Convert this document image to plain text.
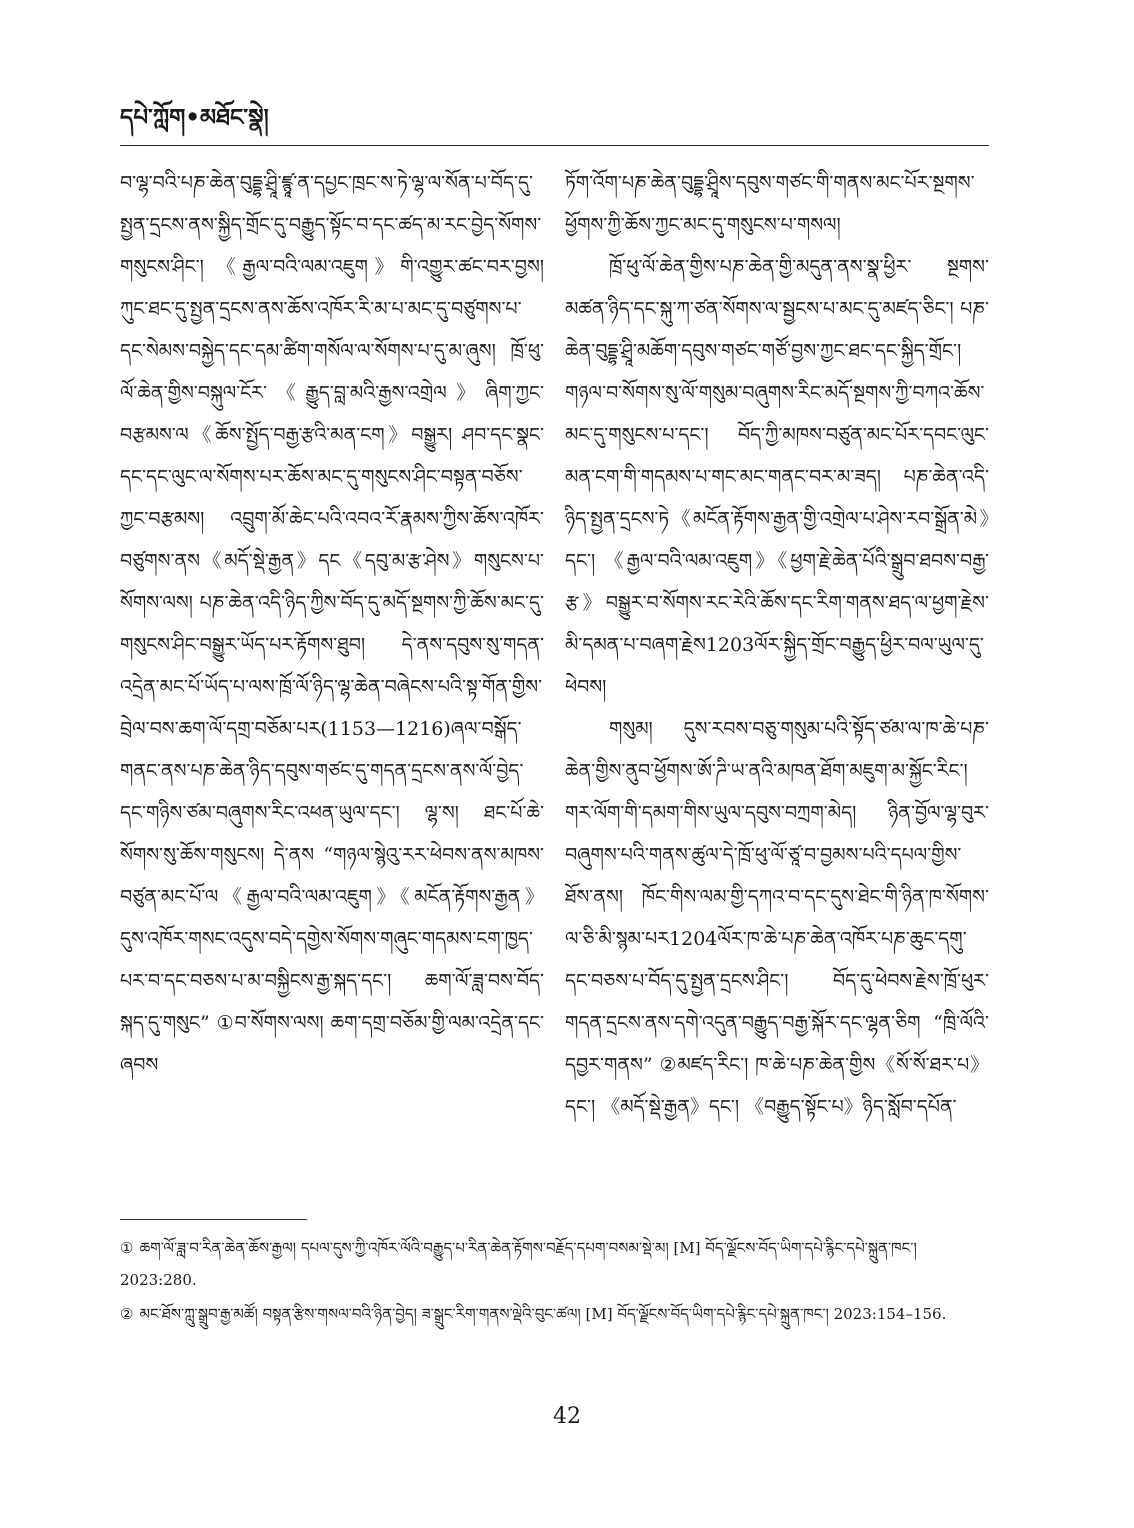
དཔེ་ཀློག•མཐོང་སྣེ།

བ་ལྷ་བའི་པཎ་ཆེན་བུདྡྷ་ཤྲཱི་ཛྙཱ་ན་དཔྱང་ཁྲང་ས་ཏེ་ལྷ་ལ་སོན་པ་བོད་དུ་སྤྱན་དྲངས་ནས་སྐྱིད་གྲོང་དུ་བརྒྱུད་སྟོང་བ་དང་ཚད་མ་རང་བྱེད་སོགས་གསུངས་ཤིང་། 《རྒྱལ་བའི་ལམ་འཇུག》གི་འགྱུར་ཚང་བར་བྱས། ཀུང་ཐང་དུ་སྤྱན་དྲངས་ནས་ཆོས་འཁོར་རི་མ་པ་མང་དུ་བཙུགས་པ་དང་སེམས་བསྐྱེད་དང་དམ་ཚིག་གསོལ་ལ་སོགས་པ་དུ་མ་ཞུས། ཁྲོ་ཕུ་ལོ་ཆེན་གྱིས་བསྐུལ་ངོར་《རྒྱུད་བླ་མའི་རྒྱས་འགྲེལ》ཞིག་ཀྱང་བརྩམས་ལ《ཆོས་སྤྱོད་བརྒྱ་རྩའི་མན་ངག》བསྒྱུར། ཤབ་དང་སྣང་དང་དང་ལུང་ལ་སོགས་པར་ཆོས་མང་དུ་གསུངས་ཤིང་བསྟན་བཅོས་ཀྱང་བརྩམས། འབྲུག་མོ་ཆེང་པའི་འབའ་རོ་རྣམས་ཀྱིས་ཆོས་འཁོར་བཙུགས་ནས《མདོ་སྡེ་རྒྱན》དང《དབུ་མ་རྩ་ཤེས》གསུངས་པ་སོགས་ལས། པཎ་ཆེན་འདི་ཉིད་ཀྱིས་བོད་དུ་མདོ་སྔགས་ཀྱི་ཆོས་མང་དུ་གསུངས་ཤིང་བསྒྱུར་ཡོད་པར་རྟོགས་ཐུབ། དེ་ནས་དབུས་སུ་གདན་འདྲེན་མང་པོ་ཡོད་པ་ལས་ཁྲོ་ལོ་ཉིད་ལྷ་ཆེན་བཞེངས་པའི་སྟ་གོན་གྱིས་བྲེལ་བས་ཆག་ལོ་དགྲ་བཅོམ་པར(1153—1216)ཞལ་བསྒོད་གནང་ནས་པཎ་ཆེན་ཉིད་དབུས་གཙང་དུ་གདན་དྲངས་ནས་ལོ་བྱེད་དང་གཉིས་ཙམ་བཞུགས་རིང་འཕན་ཡུལ་དང་། ལྷ་ས། ཐང་པོ་ཆེ་སོགས་སུ་ཆོས་གསུངས། དེ་ནས “གཉལ་སྙེའུ་རར་ཕེབས་ནས་མཁས་བཙུན་མང་པོ་ལ《རྒྱལ་བའི་ལམ་འཇུག》《མངོན་རྟོགས་རྒྱན》 དུས་འཁོར་གསང་འདུས་བདེ་དགྱེས་སོགས་གཞུང་གདམས་ངག་ཁྱད་པར་བ་དང་བཅས་པ་མ་བསྐྱིངས་རྒྱ་སྐད་དང་། ཆག་ལོ་ཟླ་བས་བོད་སྐད་དུ་གསུང” ①བ་སོགས་ལས། ཆག་དགྲ་བཅོམ་གྱི་ལམ་འདྲེན་དང་ཞབས

ཏོག་འོག་པཎ་ཆེན་བུདྡྷ་ཤྲཱིས་དབུས་གཙང་གི་གནས་མང་པོར་སྔགས་ཕྱོགས་ཀྱི་ཆོས་ཀྱང་མང་དུ་གསུངས་པ་གསལ།

ཁྲོ་ཕུ་ལོ་ཆེན་གྱིས་པཎ་ཆེན་གྱི་མདུན་ནས་སྣ་ཕྱིར་ སྔགས་མཚན་ཉིད་དང་སྐུ་ཀ་ཙན་སོགས་ལ་སྦྱངས་པ་མང་དུ་མཛད་ཅིང་། པཎ་ཆེན་བུདྡྷ་ཤྲཱི་མཆོག་དབུས་གཙང་གཙོ་བྱས་ཀྱང་ཐང་དང་སྐྱིད་གྲོང་། གཉལ་བ་སོགས་སུ་ལོ་གསུམ་བཞུགས་རིང་མདོ་སྔགས་ཀྱི་བཀའ་ཆོས་མང་དུ་གསུངས་པ་དང་། བོད་ཀྱི་མཁས་བཙུན་མང་པོར་དབང་ལུང་མན་ངག་གི་གདམས་པ་གང་མང་གནང་བར་མ་ཟད། པཎ་ཆེན་འདི་ཉིད་སྤྱན་དྲངས་ཏེ《མངོན་རྟོགས་རྒྱན་གྱི་འགྲེལ་པ་ཤེས་རབ་སྒྲོན་མེ》དང་། 《རྒྱལ་བའི་ལམ་འཇུག》《ཕྱག་རྗེ་ཆེན་པོའི་སྒྲུབ་ཐབས་བརྒྱ་རྩ》བསྒྱུར་བ་སོགས་རང་རེའི་ཆོས་དང་རིག་གནས་ཐད་ལ་ཕྱག་རྗེས་མི་དམན་པ་བཞག་རྗེས1203ལོར་སྐྱིད་གྲོང་བརྒྱུད་ཕྱིར་བལ་ཡུལ་དུ་ཕེབས།

གསུམ། དུས་རབས་བཅུ་གསུམ་པའི་སྟོད་ཙམ་ལ་ཁ་ཆེ་པཎ་ཆེན་གྱིས་ནུབ་ཕྱོགས་ཨོ་ཌི་ཡ་ནའི་མཁན་ཐོག་མཇུག་མ་སྐྱོང་རིང་། གར་ལོག་གི་དམག་གིས་ཡུལ་དབུས་བཀྲག་མེད། ཉིན་བྱོལ་ལྷ་བུར་བཞུགས་པའི་གནས་ཚུལ་དེ་ཁྲོ་ཕུ་ལོ་ཙཱ་བ་བྱམས་པའི་དཔལ་གྱིས་ཐོས་ནས། ཁོང་གིས་ལམ་གྱི་དཀའ་བ་དང་དུས་ཐེང་གི་ཉིན་ཁ་སོགས་ལ་ཅི་མི་སྙམ་པར1204ལོར་ཁ་ཆེ་པཎ་ཆེན་འཁོར་པཎ་ཆུང་དགུ་དང་བཅས་པ་བོད་དུ་སྤྱན་དྲངས་ཤིང་། བོད་དུ་ཕེབས་རྗེས་ཁྲོ་ཕུར་གདན་དྲངས་ནས་དགེ་འདུན་བརྒྱུད་བརྒྱ་སྐོར་དང་ལྷན་ཅིག “ཁྲི་ལོའི་དབྱར་གནས” ②མཛད་རིང་། ཁ་ཆེ་པཎ་ཆེན་གྱིས《སོ་སོ་ཐར་པ》དང་། 《མདོ་སྡེ་རྒྱན》དང་། 《བརྒྱུད་སྟོང་པ》ཉིད་སློབ་དཔོན་

① ཆག་ལོ་ཟླ་བ་རིན་ཆེན་ཆོས་རྒྱལ། དཔལ་དུས་ཀྱི་འཁོར་ལོའི་བརྒྱུད་པ་རིན་ཆེན་རྟོགས་བརྗོད་དཔག་བསམ་སྡེ་མ། [M] བོད་ལྗོངས་བོད་ཡིག་དཔེ་རྙིང་དཔེ་སྐྲུན་ཁང་། 2023:280.

② མང་ཐོས་ཀླུ་སྒྲུབ་རྒྱ་མཚོ། བསྟན་རྩིས་གསལ་བའི་ཉིན་བྱེད། ཟ་སྒྲུང་རིག་གནས་ལྡེའི་བུང་ཚལ། [M] བོད་ལྗོངས་བོད་ཡིག་དཔེ་རྙིང་དཔེ་སྐྲུན་ཁང་། 2023:154–156.

42
